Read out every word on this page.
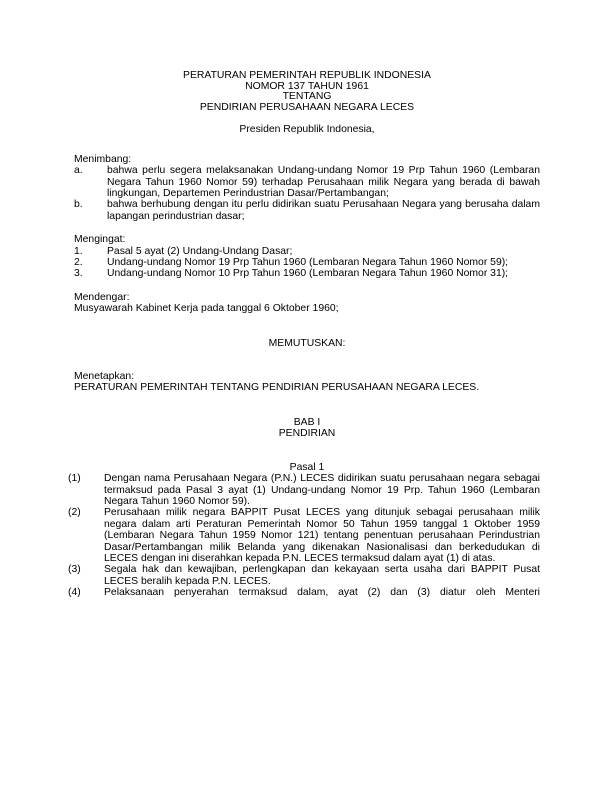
PERATURAN PEMERINTAH REPUBLIK INDONESIA
NOMOR 137 TAHUN 1961
TENTANG
PENDIRIAN PERUSAHAAN NEGARA LECES
Presiden Republik Indonesia,
Menimbang:
a.	bahwa perlu segera melaksanakan Undang-undang Nomor 19 Prp Tahun 1960 (Lembaran Negara Tahun 1960 Nomor 59) terhadap Perusahaan milik Negara yang berada di bawah lingkungan, Departemen Perindustrian Dasar/Pertambangan;
b.	bahwa berhubung dengan itu perlu didirikan suatu Perusahaan Negara yang berusaha dalam lapangan perindustrian dasar;
Mengingat:
1.	Pasal 5 ayat (2) Undang-Undang Dasar;
2.	Undang-undang Nomor 19 Prp Tahun 1960 (Lembaran Negara Tahun 1960 Nomor 59);
3.	Undang-undang Nomor 10 Prp Tahun 1960 (Lembaran Negara Tahun 1960 Nomor 31);
Mendengar:
Musyawarah Kabinet Kerja pada tanggal 6 Oktober 1960;
MEMUTUSKAN:
Menetapkan:
PERATURAN PEMERINTAH TENTANG PENDIRIAN PERUSAHAAN NEGARA LECES.
BAB I
PENDIRIAN
Pasal 1
(1)	Dengan nama Perusahaan Negara (P.N.) LECES didirikan suatu perusahaan negara sebagai termaksud pada Pasal 3 ayat (1) Undang-undang Nomor 19 Prp. Tahun 1960 (Lembaran Negara Tahun 1960 Nomor 59).
(2)	Perusahaan milik negara BAPPIT Pusat LECES yang ditunjuk sebagai perusahaan milik negara dalam arti Peraturan Pemerintah Nomor 50 Tahun 1959 tanggal 1 Oktober 1959 (Lembaran Negara Tahun 1959 Nomor 121) tentang penentuan perusahaan Perindustrian Dasar/Pertambangan milik Belanda yang dikenakan Nasionalisasi dan berkedudukan di LECES dengan ini diserahkan kepada P.N. LECES termaksud dalam ayat (1) di atas.
(3)	Segala hak dan kewajiban, perlengkapan dan kekayaan serta usaha dari BAPPIT Pusat LECES beralih kepada P.N. LECES.
(4)	Pelaksanaan penyerahan termaksud dalam, ayat (2) dan (3) diatur oleh Menteri
